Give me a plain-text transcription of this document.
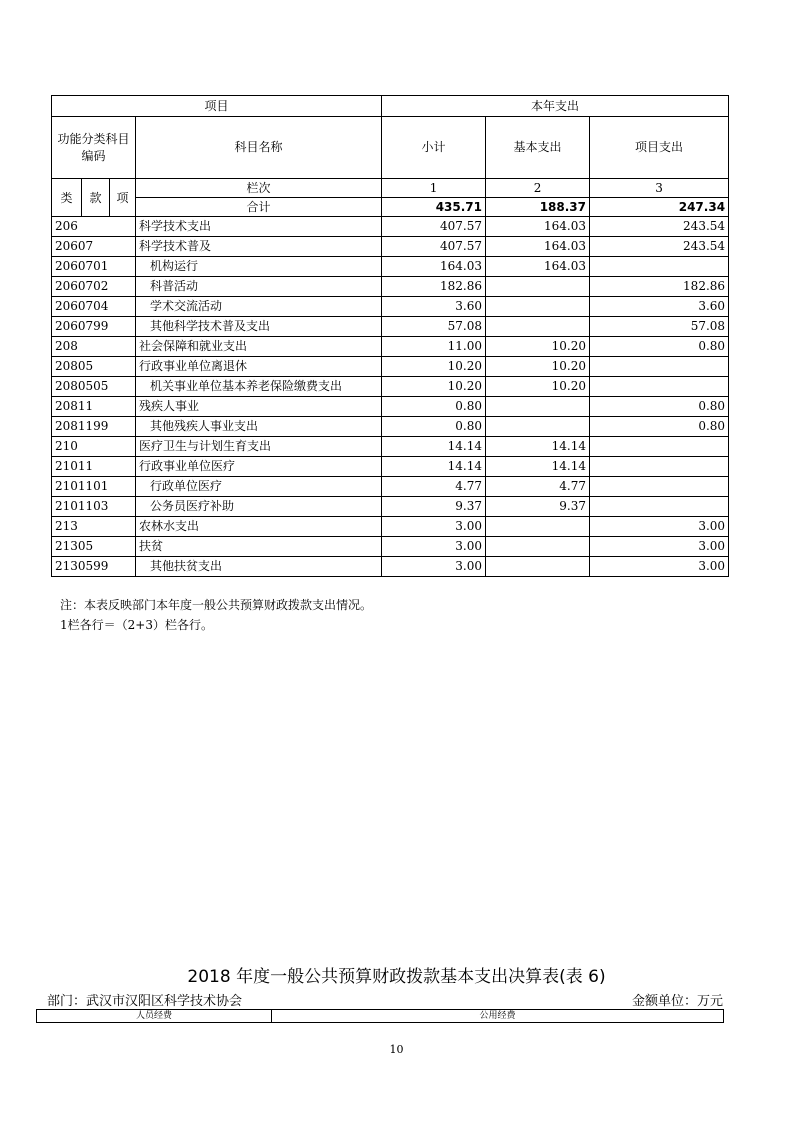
项目				本年支出		
功能分类科目编码			科目名称	小计	基本支出	项目支出
类	款	项	栏次	1	2	3
			合计	435.71	188.37	247.34
206			科学技术支出	407.57	164.03	243.54
20607			科学技术普及	407.57	164.03	243.54
2060701			机构运行	164.03	164.03	
2060702			科普活动	182.86		182.86
2060704			学术交流活动	3.60		3.60
2060799			其他科学技术普及支出	57.08		57.08
208			社会保障和就业支出	11.00	10.20	0.80
20805			行政事业单位离退休	10.20	10.20	
2080505			机关事业单位基本养老保险缴费支出	10.20	10.20	
20811			残疾人事业	0.80		0.80
2081199			其他残疾人事业支出	0.80		0.80
210			医疗卫生与计划生育支出	14.14	14.14	
21011			行政事业单位医疗	14.14	14.14	
2101101			行政单位医疗	4.77	4.77	
2101103			公务员医疗补助	9.37	9.37	
213			农林水支出	3.00		3.00
21305			扶贫	3.00		3.00
2130599			其他扶贫支出	3.00		3.00
注：本表反映部门本年度一般公共预算财政拨款支出情况。
1栏各行＝（2+3）栏各行。
2018 年度一般公共预算财政拨款基本支出决算表(表 6)
部门：武汉市汉阳区科学技术协会	金额单位：万元
人员经费	公用经费
10
